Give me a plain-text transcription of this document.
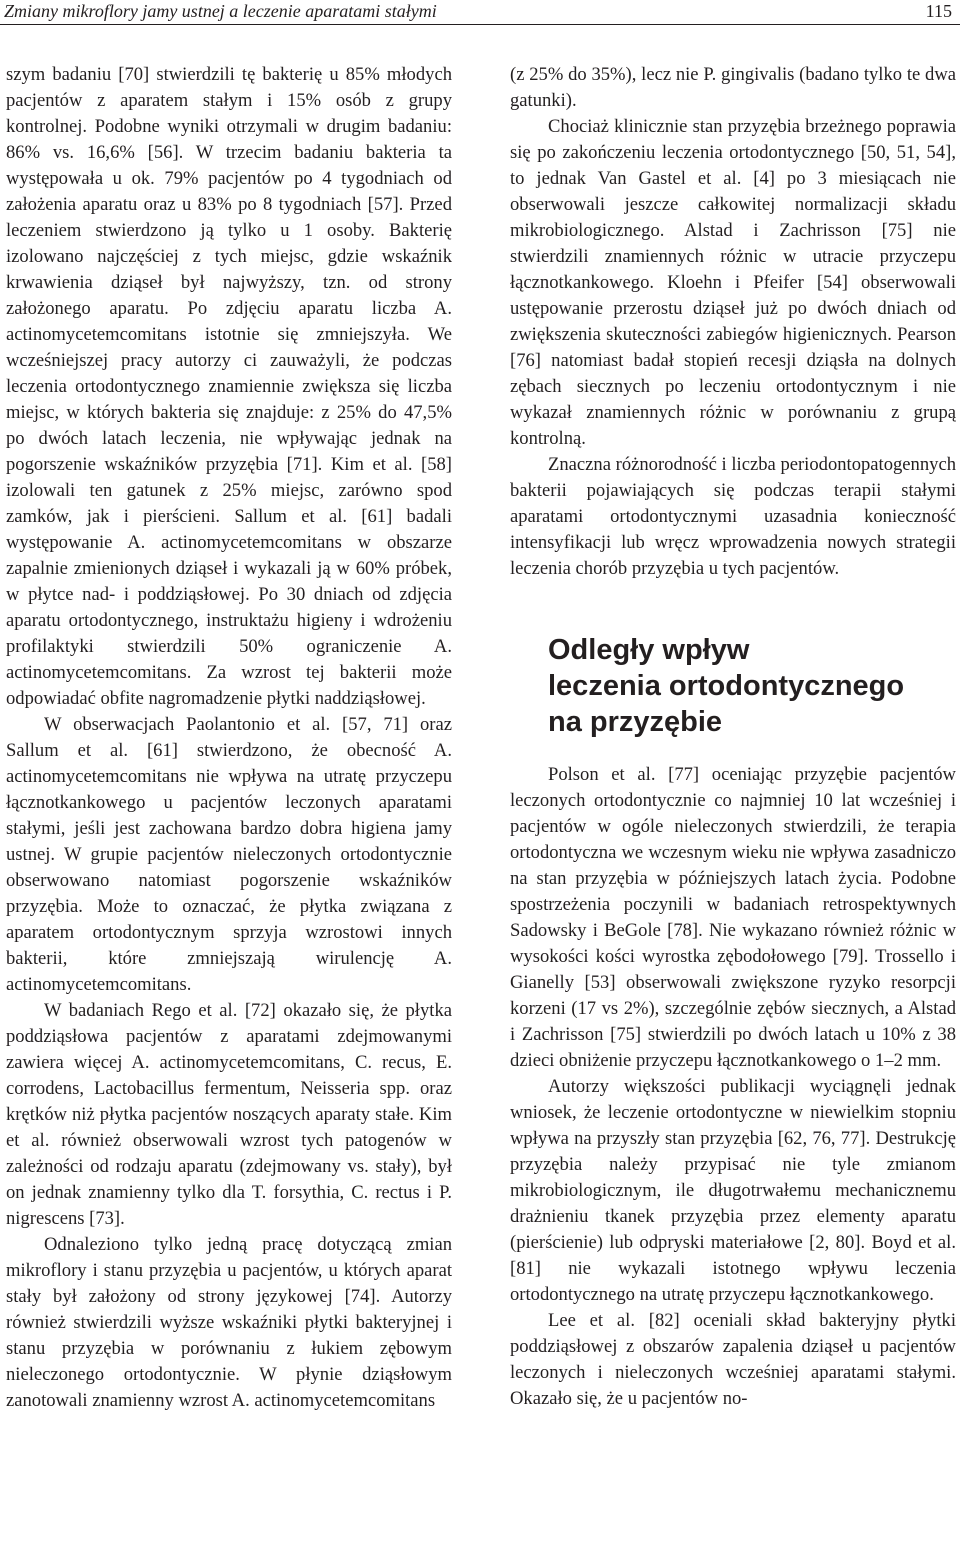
Zmiany mikroflory jamy ustnej a leczenie aparatami stałymi	115

szym badaniu [70] stwierdzili tę bakterię u 85% młodych pacjentów z aparatem stałym i 15% osób z grupy kontrolnej. Podobne wyniki otrzymali w drugim badaniu: 86% vs. 16,6% [56]. W trzecim badaniu bakteria ta występowała u ok. 79% pacjentów po 4 tygodniach od założenia aparatu oraz u 83% po 8 tygodniach [57]. Przed leczeniem stwierdzono ją tylko u 1 osoby. Bakterię izolowano najczęściej z tych miejsc, gdzie wskaźnik krwawienia dziąseł był najwyższy, tzn. od strony założonego aparatu. Po zdjęciu aparatu liczba A. actinomycetemcomitans istotnie się zmniejszyła. We wcześniejszej pracy autorzy ci zauważyli, że podczas leczenia ortodontycznego znamiennie zwiększa się liczba miejsc, w których bakteria się znajduje: z 25% do 47,5% po dwóch latach leczenia, nie wpływając jednak na pogorszenie wskaźników przyzębia [71]. Kim et al. [58] izolowali ten gatunek z 25% miejsc, zarówno spod zamków, jak i pierścieni. Sallum et al. [61] badali występowanie A. actinomycetemcomitans w obszarze zapalnie zmienionych dziąseł i wykazali ją w 60% próbek, w płytce nad- i poddziąsłowej. Po 30 dniach od zdjęcia aparatu ortodontycznego, instruktażu higieny i wdrożeniu profilaktyki stwierdzili 50% ograniczenie A. actinomycetemcomitans. Za wzrost tej bakterii może odpowiadać obfite nagromadzenie płytki naddziąsłowej.

W obserwacjach Paolantonio et al. [57, 71] oraz Sallum et al. [61] stwierdzono, że obecność A. actinomycetemcomitans nie wpływa na utratę przyczepu łącznotkankowego u pacjentów leczonych aparatami stałymi, jeśli jest zachowana bardzo dobra higiena jamy ustnej. W grupie pacjentów nieleczonych ortodontycznie obserwowano natomiast pogorszenie wskaźników przyzębia. Może to oznaczać, że płytka związana z aparatem ortodontycznym sprzyja wzrostowi innych bakterii, które zmniejszają wirulencję A. actinomycetemcomitans.

W badaniach Rego et al. [72] okazało się, że płytka poddziąsłowa pacjentów z aparatami zdejmowanymi zawiera więcej A. actinomycetemcomitans, C. recus, E. corrodens, Lactobacillus fermentum, Neisseria spp. oraz krętków niż płytka pacjentów noszących aparaty stałe. Kim et al. również obserwowali wzrost tych patogenów w zależności od rodzaju aparatu (zdejmowany vs. stały), był on jednak znamienny tylko dla T. forsythia, C. rectus i P. nigrescens [73].

Odnaleziono tylko jedną pracę dotyczącą zmian mikroflory i stanu przyzębia u pacjentów, u których aparat stały był założony od strony językowej [74]. Autorzy również stwierdzili wyższe wskaźniki płytki bakteryjnej i stanu przyzębia w porównaniu z łukiem zębowym nieleczonego ortodontycznie. W płynie dziąsłowym zanotowali znamienny wzrost A. actinomycetemcomitans

(z 25% do 35%), lecz nie P. gingivalis (badano tylko te dwa gatunki).

Chociaż klinicznie stan przyzębia brzeżnego poprawia się po zakończeniu leczenia ortodontycznego [50, 51, 54], to jednak Van Gastel et al. [4] po 3 miesiącach nie obserwowali jeszcze całkowitej normalizacji składu mikrobiologicznego. Alstad i Zachrisson [75] nie stwierdzili znamiennych różnic w utracie przyczepu łącznotkankowego. Kloehn i Pfeifer [54] obserwowali ustępowanie przerostu dziąseł już po dwóch dniach od zwiększenia skuteczności zabiegów higienicznych. Pearson [76] natomiast badał stopień recesji dziąsła na dolnych zębach siecznych po leczeniu ortodontycznym i nie wykazał znamiennych różnic w porównaniu z grupą kontrolną.

Znaczna różnorodność i liczba periodontopatogennych bakterii pojawiających się podczas terapii stałymi aparatami ortodontycznymi uzasadnia konieczność intensyfikacji lub wręcz wprowadzenia nowych strategii leczenia chorób przyzębia u tych pacjentów.

Odległy wpływ
leczenia ortodontycznego
na przyzębie

Polson et al. [77] oceniając przyzębie pacjentów leczonych ortodontycznie co najmniej 10 lat wcześniej i pacjentów w ogóle nieleczonych stwierdzili, że terapia ortodontyczna we wczesnym wieku nie wpływa zasadniczo na stan przyzębia w późniejszych latach życia. Podobne spostrzeżenia poczynili w badaniach retrospektywnych Sadowsky i BeGole [78]. Nie wykazano również różnic w wysokości kości wyrostka zębodołowego [79]. Trossello i Gianelly [53] obserwowali zwiększone ryzyko resorpcji korzeni (17 vs 2%), szczególnie zębów siecznych, a Alstad i Zachrisson [75] stwierdzili po dwóch latach u 10% z 38 dzieci obniżenie przyczepu łącznotkankowego o 1–2 mm.

Autorzy większości publikacji wyciągnęli jednak wniosek, że leczenie ortodontyczne w niewielkim stopniu wpływa na przyszły stan przyzębia [62, 76, 77]. Destrukcję przyzębia należy przypisać nie tyle zmianom mikrobiologicznym, ile długotrwałemu mechanicznemu drażnieniu tkanek przyzębia przez elementy aparatu (pierścienie) lub odpryski materiałowe [2, 80]. Boyd et al. [81] nie wykazali istotnego wpływu leczenia ortodontycznego na utratę przyczepu łącznotkankowego.

Lee et al. [82] oceniali skład bakteryjny płytki poddziąsłowej z obszarów zapalenia dziąseł u pacjentów leczonych i nieleczonych wcześniej aparatami stałymi. Okazało się, że u pacjentów no-
